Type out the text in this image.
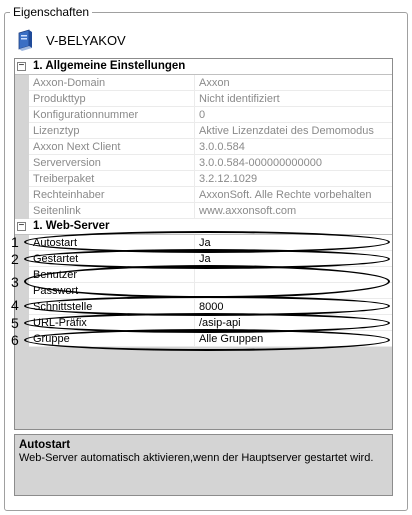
Eigenschaften
V-BELYAKOV
− 1. Allgemeine Einstellungen
Axxon-Domain	Axxon
Produkttyp	Nicht identifiziert
Konfigurationnummer	0
Lizenztyp	Aktive Lizenzdatei des Demomodus
Axxon Next Client	3.0.0.584
Serverversion	3.0.0.584-000000000000
Treiberpaket	3.2.12.1029
Rechteinhaber	AxxonSoft. Alle Rechte vorbehalten
Seitenlink	www.axxonsoft.com
− 1. Web-Server
Autostart	Ja
Gestartet	Ja
Benutzer
Passwort
Schnittstelle	8000
URL-Präfix	/asip-api
Gruppe	Alle Gruppen
1
2
3
4
5
6
Autostart
Web-Server automatisch aktivieren,wenn der Hauptserver gestartet wird.
